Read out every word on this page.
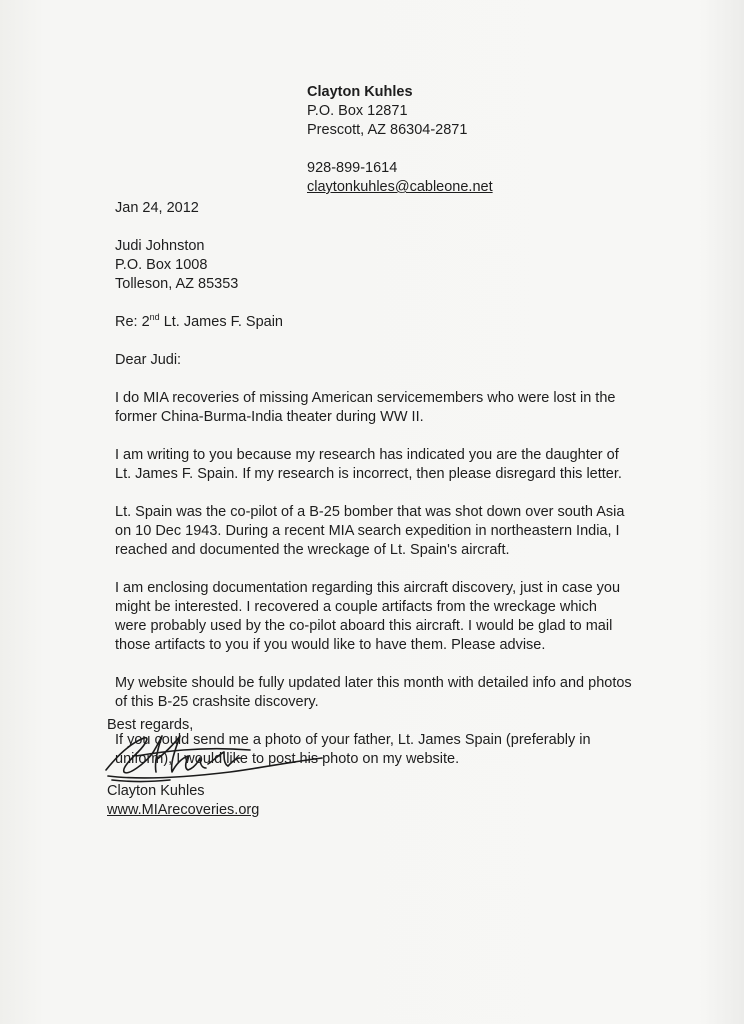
Clayton Kuhles
P.O. Box 12871
Prescott, AZ 86304-2871
928-899-1614
claytonkuhles@cableone.net
Jan 24, 2012
Judi Johnston
P.O. Box 1008
Tolleson, AZ 85353
Re: 2nd Lt. James F. Spain
Dear Judi:
I do MIA recoveries of missing American servicemembers who were lost in the
former China-Burma-India theater during WW II.
I am writing to you because my research has indicated you are the daughter of
Lt. James F. Spain. If my research is incorrect, then please disregard this letter.
Lt. Spain was the co-pilot of a B-25 bomber that was shot down over south Asia
on 10 Dec 1943. During a recent MIA search expedition in northeastern India, I
reached and documented the wreckage of Lt. Spain's aircraft.
I am enclosing documentation regarding this aircraft discovery, just in case you
might be interested. I recovered a couple artifacts from the wreckage which
were probably used by the co-pilot aboard this aircraft. I would be glad to mail
those artifacts to you if you would like to have them. Please advise.
My website should be fully updated later this month with detailed info and photos
of this B-25 crashsite discovery.
If you could send me a photo of your father, Lt. James Spain (preferably in
uniform), I would like to post his photo on my website.
Best regards,
Clayton Kuhles
www.MIArecoveries.org
